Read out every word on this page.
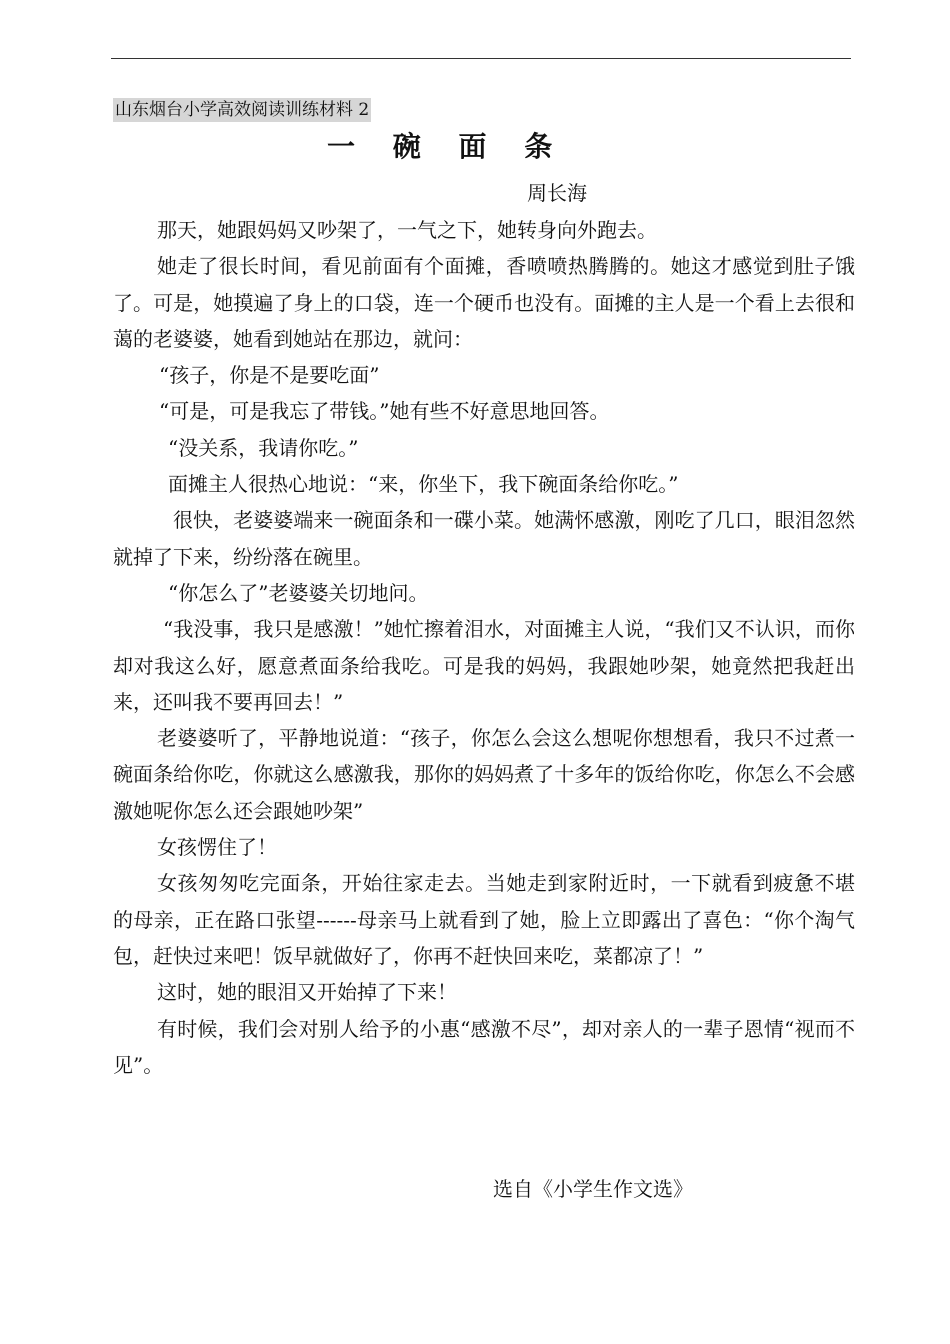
山东烟台小学高效阅读训练材料 2
一 碗 面 条
周长海

那天，她跟妈妈又吵架了，一气之下，她转身向外跑去。

她走了很长时间，看见前面有个面摊，香喷喷热腾腾的。她这才感觉到肚子饿了。可是，她摸遍了身上的口袋，连一个硬币也没有。面摊的主人是一个看上去很和蔼的老婆婆，她看到她站在那边，就问：

“孩子，你是不是要吃面”

“可是，可是我忘了带钱。”她有些不好意思地回答。

“没关系，我请你吃。”

面摊主人很热心地说：“来，你坐下，我下碗面条给你吃。”

很快，老婆婆端来一碗面条和一碟小菜。她满怀感激，刚吃了几口，眼泪忽然就掉了下来，纷纷落在碗里。

“你怎么了”老婆婆关切地问。

“我没事，我只是感激！”她忙擦着泪水，对面摊主人说，“我们又不认识，而你却对我这么好，愿意煮面条给我吃。可是我的妈妈，我跟她吵架，她竟然把我赶出来，还叫我不要再回去！”

老婆婆听了，平静地说道：“孩子，你怎么会这么想呢你想想看，我只不过煮一碗面条给你吃，你就这么感激我，那你的妈妈煮了十多年的饭给你吃，你怎么不会感激她呢你怎么还会跟她吵架”

女孩愣住了！

女孩匆匆吃完面条，开始往家走去。当她走到家附近时，一下就看到疲惫不堪的母亲，正在路口张望------母亲马上就看到了她，脸上立即露出了喜色：“你个淘气包，赶快过来吧！饭早就做好了，你再不赶快回来吃，菜都凉了！”

这时，她的眼泪又开始掉了下来！

有时候，我们会对别人给予的小惠“感激不尽”，却对亲人的一辈子恩情“视而不见”。

选自《小学生作文选》
